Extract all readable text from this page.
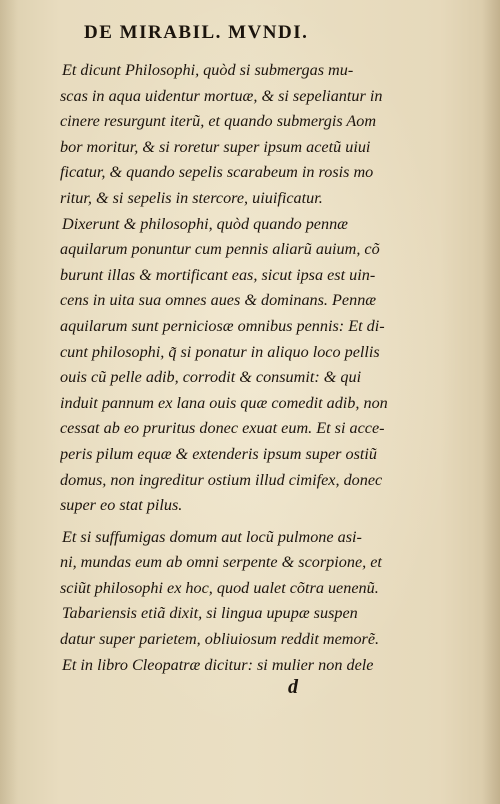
DE MIRABIL. MVNDI.
Et dicunt Philosophi, quòd si submergas mu-
scas in aqua uidentur mortuæ, & si sepeliantur in
cinere resurgunt iterũ, et quando submergis Aom
bor moritur, & si roretur super ipsum acetũ uiui
ficatur, & quando sepelis scarabeum in rosis mo
ritur, & si sepelis in stercore, uiuificatur.
Dixerunt & philosophi, quòd quando pennæ
aquilarum ponuntur cum pennis aliarũ auium, cõ
burunt illas & mortificant eas, sicut ipsa est uin-
cens in uita sua omnes aues & dominans. Pennæ
aquilarum sunt perniciosæ omnibus pennis: Et di-
cunt philosophi, q̃ si ponatur in aliquo loco pellis
ouis cũ pelle adib, corrodit & consumit: & qui
induit pannum ex lana ouis quæ comedit adib, non
cessat ab eo pruritus donec exuat eum. Et si acce-
peris pilum equæ & extenderis ipsum super ostiũ
domus, non ingreditur ostium illud cimifex, donec
super eo stat pilus.
Et si suffumigas domum aut locũ pulmone asi-
ni, mundas eum ab omni serpente & scorpione, et
sciũt philosophi ex hoc, quod ualet cõtra uenenũ.
Tabariensis etiã dixit, si lingua upupæ suspen
datur super parietem, obliuiosum reddit memorẽ.
Et in libro Cleopatræ dicitur: si mulier non dele
d
